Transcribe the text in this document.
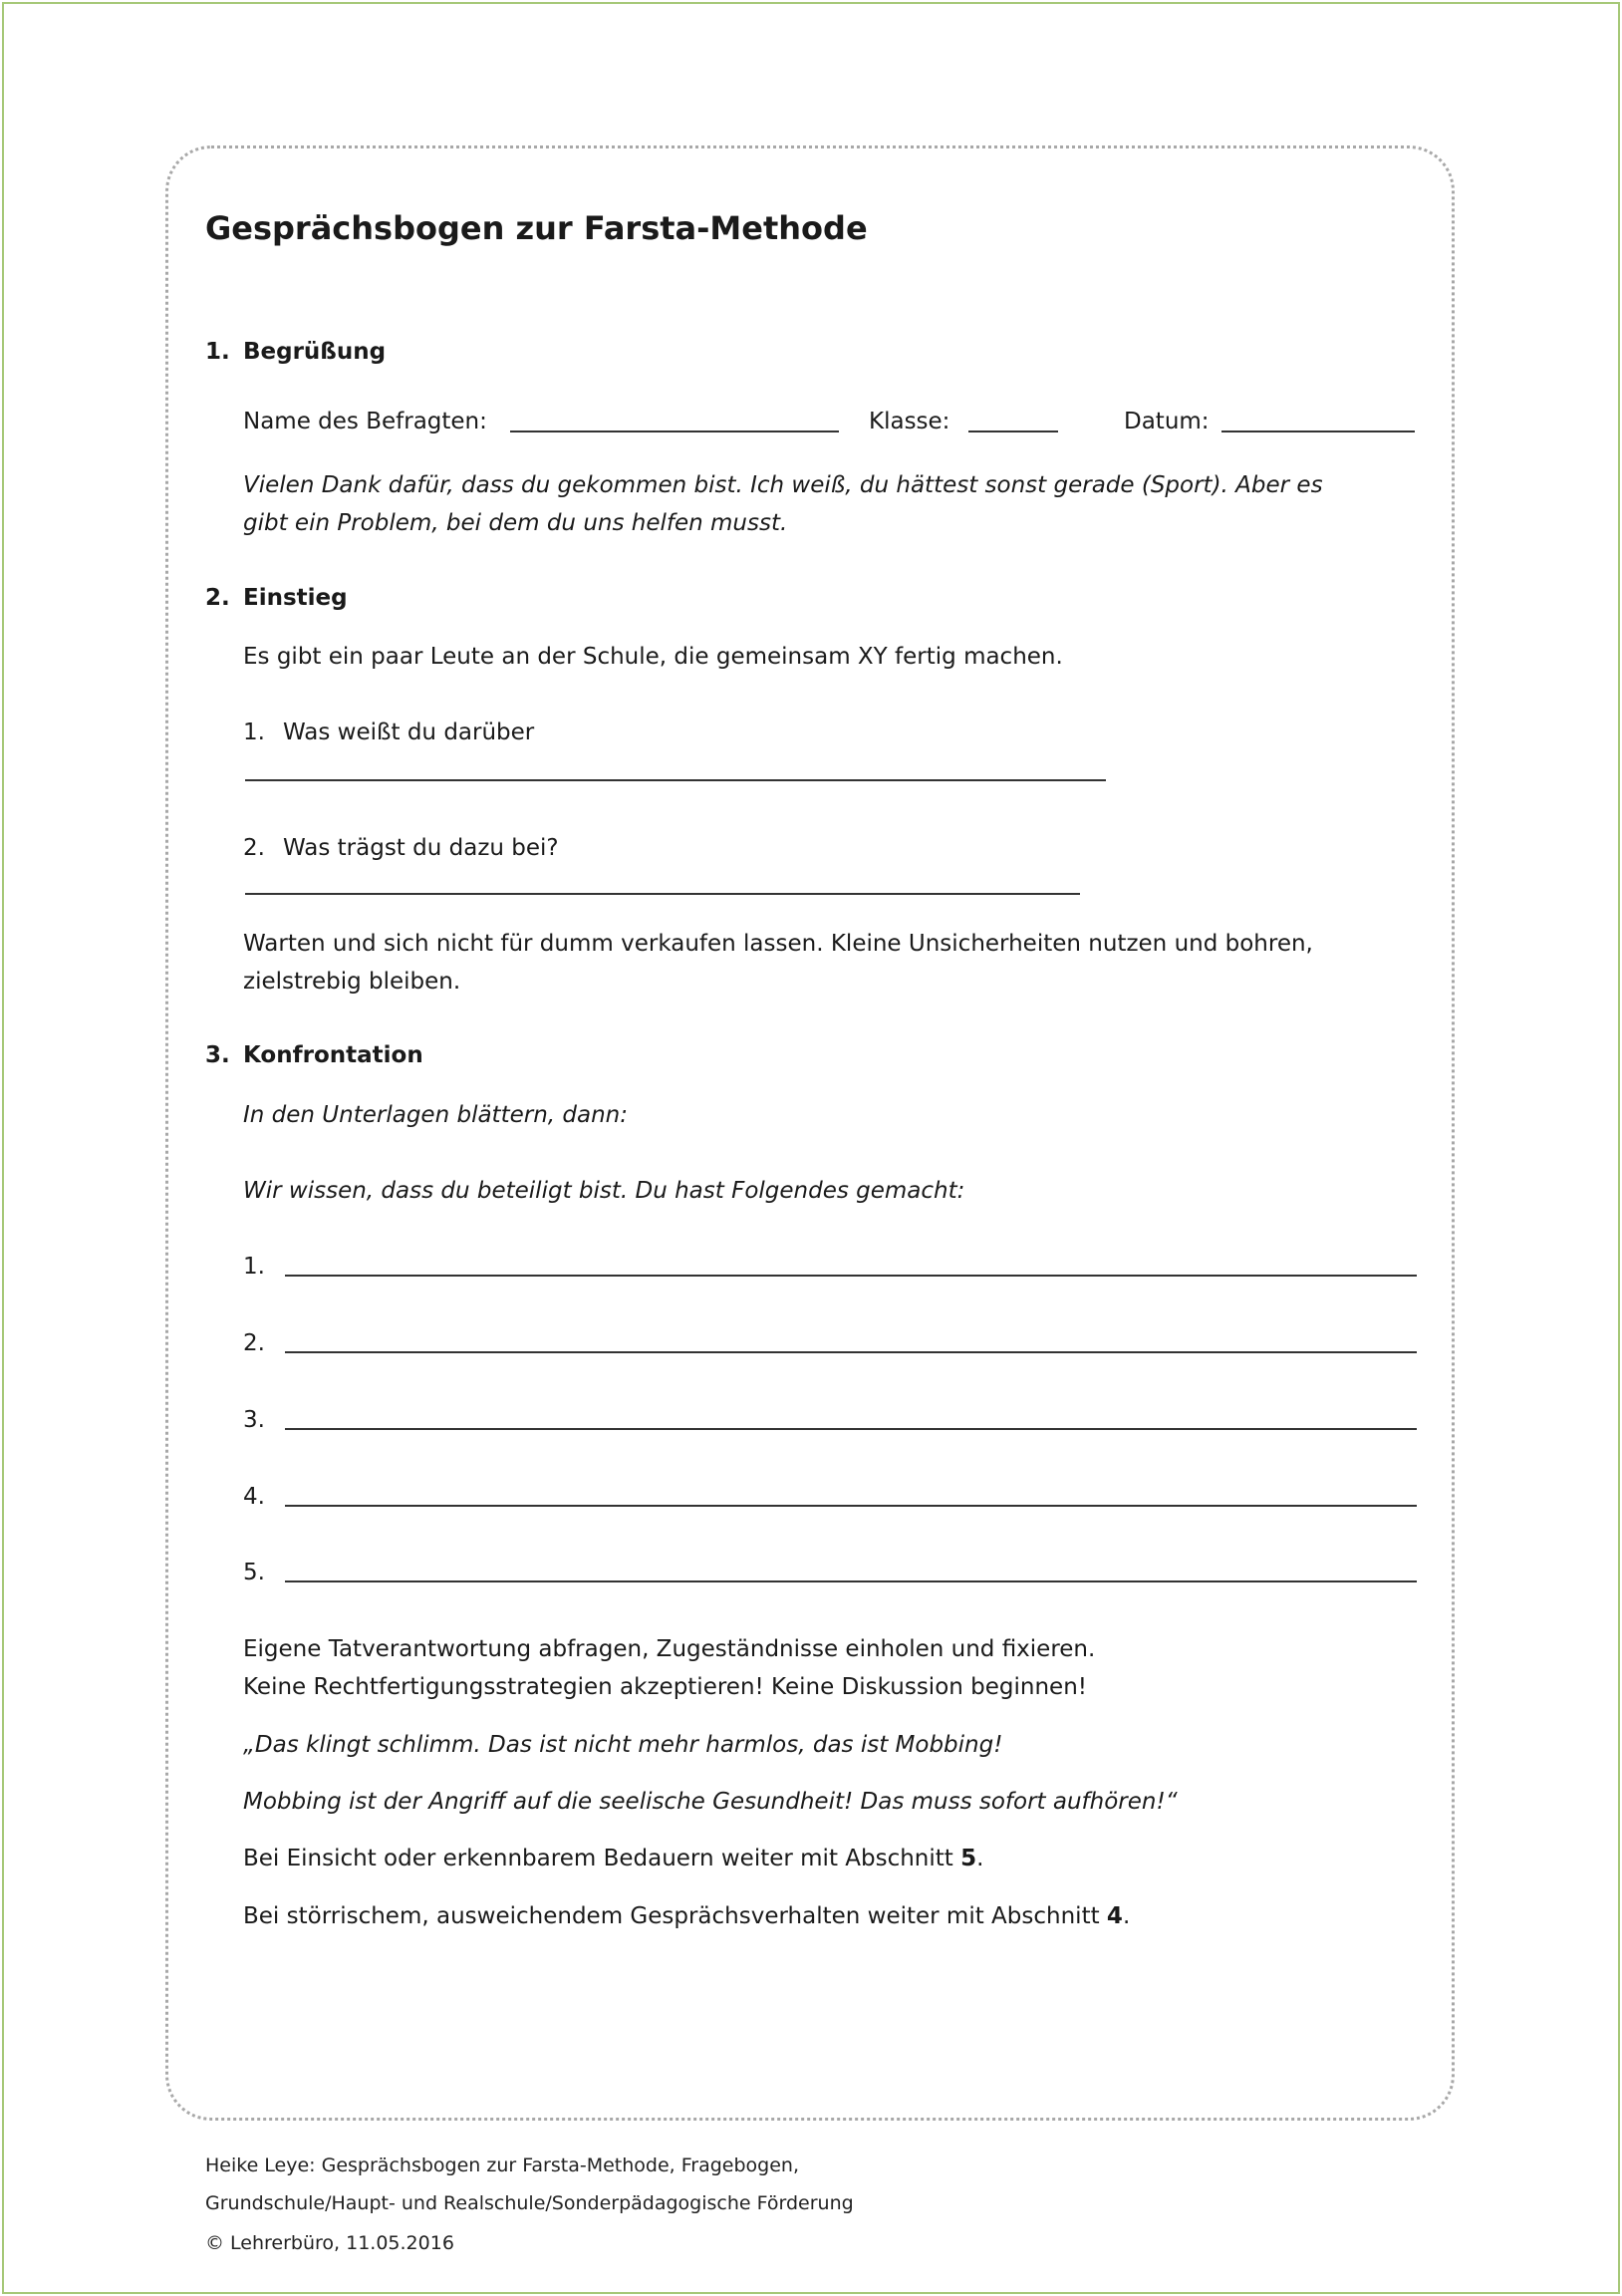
Gesprächsbogen zur Farsta-Methode
1. Begrüßung
Name des Befragten:	Klasse:	Datum:

Vielen Dank dafür, dass du gekommen bist. Ich weiß, du hättest sonst gerade (Sport). Aber es

gibt ein Problem, bei dem du uns helfen musst.

2. Einstieg

Es gibt ein paar Leute an der Schule, die gemeinsam XY fertig machen.

1. Was weißt du darüber
2. Was trägst du dazu bei?

Warten und sich nicht für dumm verkaufen lassen. Kleine Unsicherheiten nutzen und bohren,

zielstrebig bleiben.

3. Konfrontation

In den Unterlagen blättern, dann:

Wir wissen, dass du beteiligt bist. Du hast Folgendes gemacht:

1.
2.
3.
4.
5.

Eigene Tatverantwortung abfragen, Zugeständnisse einholen und fixieren.

Keine Rechtfertigungsstrategien akzeptieren! Keine Diskussion beginnen!

„Das klingt schlimm. Das ist nicht mehr harmlos, das ist Mobbing!

Mobbing ist der Angriff auf die seelische Gesundheit! Das muss sofort aufhören!“

Bei Einsicht oder erkennbarem Bedauern weiter mit Abschnitt 5.

Bei störrischem, ausweichendem Gesprächsverhalten weiter mit Abschnitt 4.

Heike Leye: Gesprächsbogen zur Farsta-Methode, Fragebogen,
Grundschule/Haupt- und Realschule/Sonderpädagogische Förderung
© Lehrerbüro, 11.05.2016
